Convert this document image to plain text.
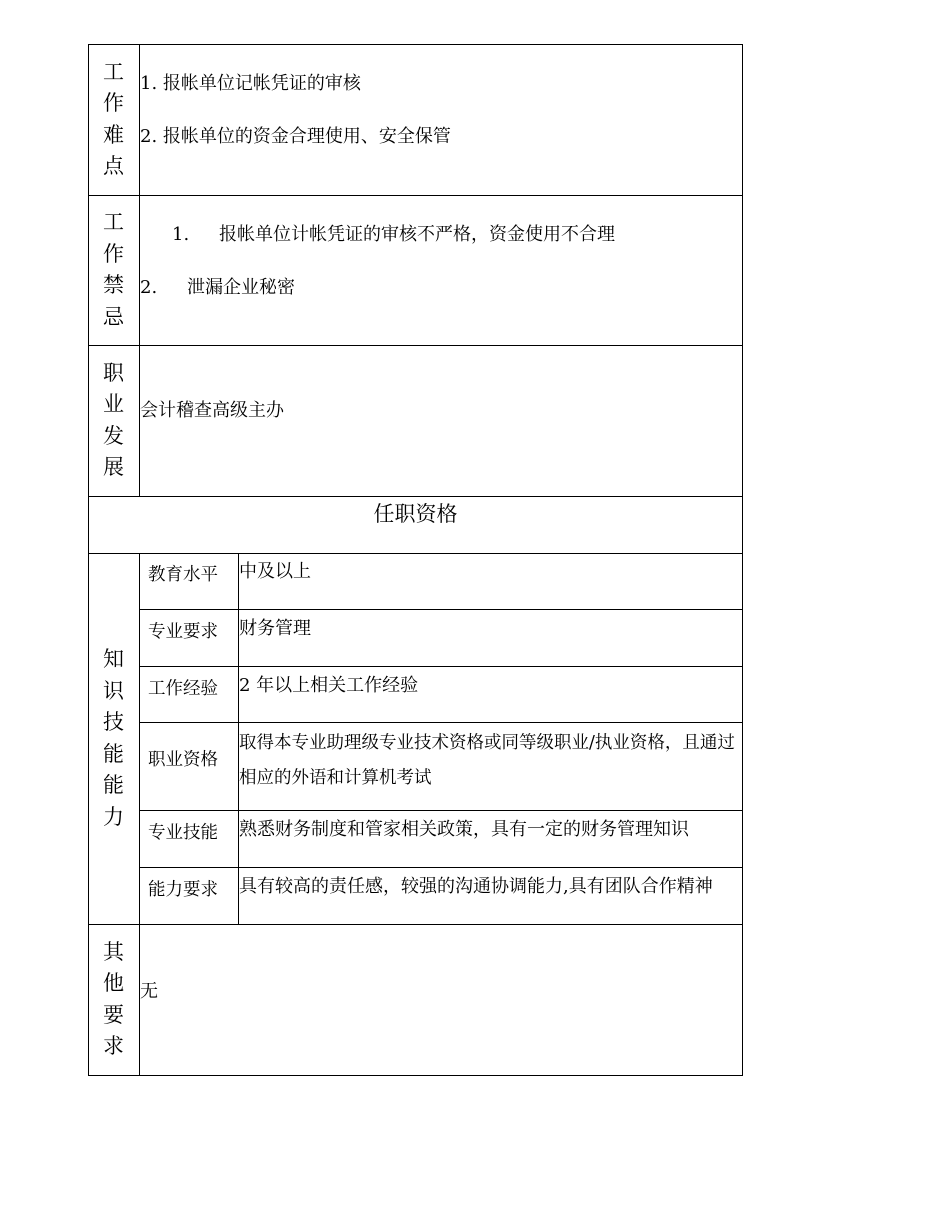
工
作
难
点
1. 报帐单位记帐凭证的审核
2. 报帐单位的资金合理使用、安全保管
工
作
禁
忌
1. 报帐单位计帐凭证的审核不严格，资金使用不合理
2. 泄漏企业秘密
职
业
发
展
会计稽查高级主办
任职资格
知
识
技
能
能
力
教育水平 中及以上
专业要求 财务管理
工作经验 2 年以上相关工作经验
职业资格
取得本专业助理级专业技术资格或同等级职业/执业资格，且通过相应的外语和计算机考试
专业技能 熟悉财务制度和管家相关政策，具有一定的财务管理知识
能力要求 具有较高的责任感，较强的沟通协调能力,具有团队合作精神
其
他
要
求
无
